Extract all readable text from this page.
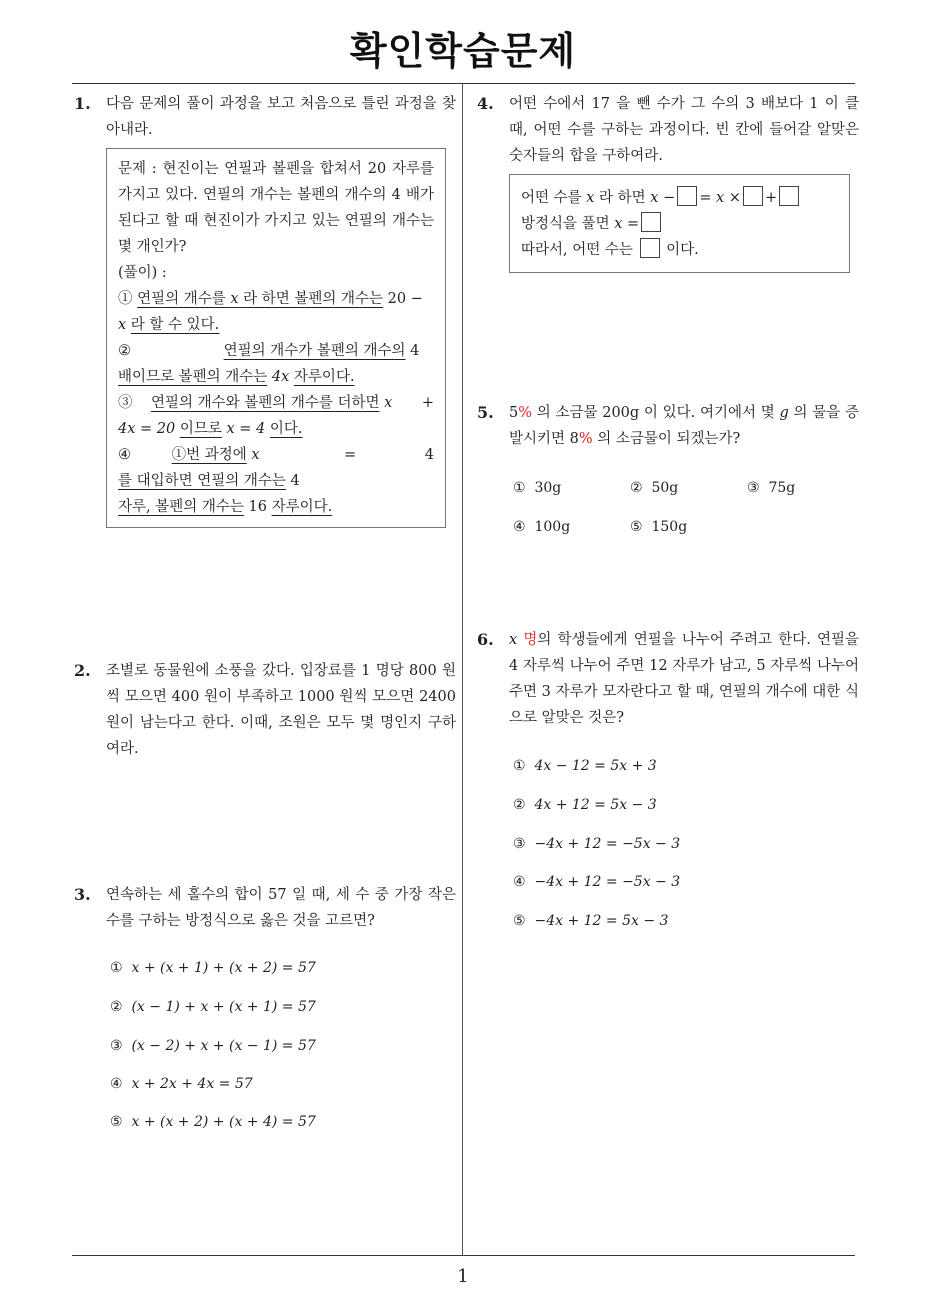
확인학습문제
1
1. 다음 문제의 풀이 과정을 보고 처음으로 틀린 과정을 찾아내라.
문제 : 현진이는 연필과 볼펜을 합쳐서 20 자루를 가지고 있다. 연필의 개수는 볼펜의 개수의 4 배가 된다고 할 때 현진이가 가지고 있는 연필의 개수는 몇 개인가?
(풀이) :
① 연필의 개수를 x 라 하면 볼펜의 개수는 20 −
x 라 할 수 있다.
②	연필의 개수가 볼펜의 개수의 4
배이므로 볼펜의 개수는 4x 자루이다.
③ 연필의 개수와 볼펜의 개수를 더하면 x +

4x = 20 이므로 x = 4 이다.
④	①번 과정에 x	=	4

를 대입하면 연필의 개수는 4
자루, 볼펜의 개수는 16 자루이다.
2. 조별로 동물원에 소풍을 갔다. 입장료를 1 명당 800 원씩 모으면 400 원이 부족하고 1000 원씩 모으면 2400 원이 남는다고 한다. 이때, 조원은 모두 몇 명인지 구하여라.
3. 연속하는 세 홀수의 합이 57 일 때, 세 수 중 가장 작은 수를 구하는 방정식으로 옳은 것을 고르면?
① x + (x + 1) + (x + 2) = 57
② (x − 1) + x + (x + 1) = 57
③ (x − 2) + x + (x − 1) = 57
④ x + 2x + 4x = 57
⑤ x + (x + 2) + (x + 4) = 57
4. 어떤 수에서 17 을 뺀 수가 그 수의 3 배보다 1 이 클 때, 어떤 수를 구하는 과정이다. 빈 칸에 들어갈 알맞은 숫자들의 합을 구하여라.
어떤 수를 x 라 하면 x − = x × +
방정식을 풀면 x =
따라서, 어떤 수는 이다.
5. 5% 의 소금물 200g 이 있다. 여기에서 몇 g 의 물을 증발시키면 8% 의 소금물이 되겠는가?
① 30g	② 50g	③ 75g
④ 100g	⑤ 150g
6. x 명의 학생들에게 연필을 나누어 주려고 한다. 연필을 4 자루씩 나누어 주면 12 자루가 남고, 5 자루씩 나누어 주면 3 자루가 모자란다고 할 때, 연필의 개수에 대한 식으로 알맞은 것은?
① 4x − 12 = 5x + 3
② 4x + 12 = 5x − 3
③ −4x + 12 = −5x − 3
④ −4x + 12 = −5x − 3
⑤ −4x + 12 = 5x − 3
